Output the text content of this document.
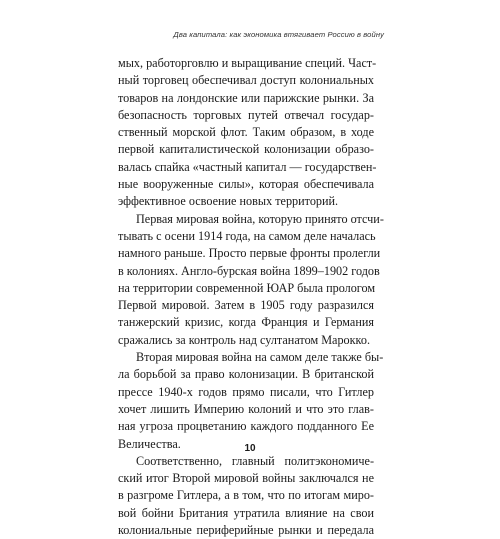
Два капитала: как экономика втягивает Россию в войну
мых, работорговлю и выращивание специй. Част-
ный торговец обеспечивал доступ колониальных
товаров на лондонские или парижские рынки. За
безопасность торговых путей отвечал государ-
ственный морской флот. Таким образом, в ходе
первой капиталистической колонизации образо-
валась спайка «частный капитал — государствен-
ные вооруженные силы», которая обеспечивала
эффективное освоение новых территорий.
Первая мировая война, которую принято отсчи-
тывать с осени 1914 года, на самом деле началась
намного раньше. Просто первые фронты пролегли
в колониях. Англо-бурская война 1899–1902 годов
на территории современной ЮАР была прологом
Первой мировой. Затем в 1905 году разразился
танжерский кризис, когда Франция и Германия
сражались за контроль над султанатом Марокко.
Вторая мировая война на самом деле также бы-
ла борьбой за право колонизации. В британской
прессе 1940-х годов прямо писали, что Гитлер
хочет лишить Империю колоний и что это глав-
ная угроза процветанию каждого подданного Ее
Величества.
Соответственно, главный политэкономиче-
ский итог Второй мировой войны заключался не
в разгроме Гитлера, а в том, что по итогам миро-
вой бойни Британия утратила влияние на свои
колониальные периферийные рынки и передала
10
